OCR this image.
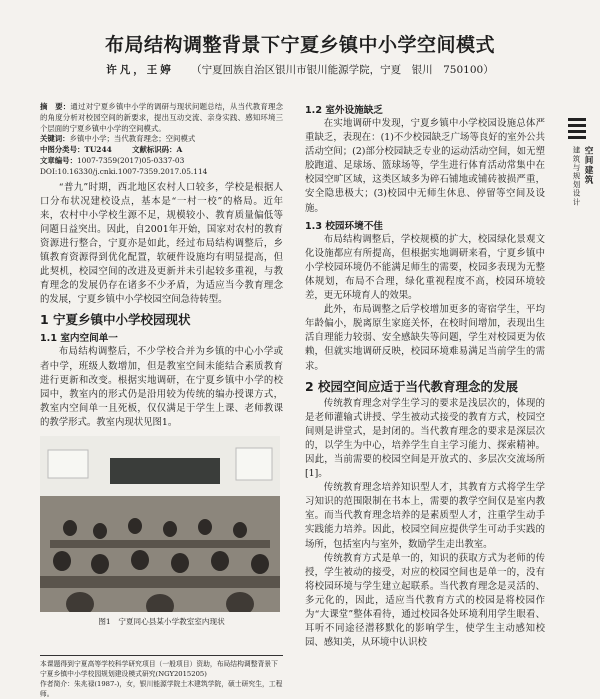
布局结构调整背景下宁夏乡镇中小学空间模式
许凡，王婷 （宁夏回族自治区银川市银川能源学院，宁夏　银川　750100）
摘　要：通过对宁夏乡镇中小学的调研与现状问题总结，从当代教育理念的角度分析对校园空间的新要求，提出互动交流、亲身实践、感知环境三个层面的宁夏乡镇中小学的空间模式。
关键词：乡镇中小学；当代教育理念；空间模式
中图分类号：TU244	文献标识码：A
文章编号：1007-7359(2017)05-0337-03
DOI:10.16330/j.cnki.1007-7359.2017.05.114

“普九”时期，西北地区农村人口较多，学校是根据人口分布状况建校设点，基本是“一村一校”的格局。近年来，农村中小学校生源不足，规模较小、教育质量偏低等问题日益突出。因此，自2001年开始，国家对农村的教育资源进行整合，宁夏亦是如此，经过布局结构调整后，乡镇教育资源得到优化配置，软硬件设施均有明显提高，但此契机，校园空间的改进及更新并未引起较多重视，与教育理念的发展仍存在诸多不少矛盾，为适应当今教育理念的发展，宁夏乡镇中小学校园空间急待转型。

1 宁夏乡镇中小学校园现状
1.1 室内空间单一

布局结构调整后，不少学校合并为乡镇的中心小学或者中学，班级人数增加，但是教室空间未能结合素质教育进行更新和改变。根据实地调研，在宁夏乡镇中小学的校园中，教室内的形式仍是沿用较为传统的编办授课方式，教室内空间单一且死板，仅仅满足于学生上课、老师教课的教学形式。教室内现状见图1。

图1　宁夏同心县某小学教室室内现状
1.2 室外设施缺乏

在实地调研中发现，宁夏乡镇中小学校园设施总体严重缺乏，表现在：(1)不少校园缺乏广场等良好的室外公共活动空间；(2)部分校园缺乏专业的运动活动空间，如无塑胶跑道、足球场、篮球场等，学生进行体育活动常集中在校园空旷区域，这类区域多为碎石铺地或铺砖被损严重，安全隐患极大；(3)校园中无师生休息、停留等空间及设施。

1.3 校园环境不佳

布局结构调整后，学校规模的扩大，校园绿化景观文化设施都应有所提高，但根据实地调研来看，宁夏乡镇中小学校园环境仍不能满足师生的需要，校园多表现为无整体规划，布局不合理，绿化重视程度不高，校园环境较差，更无环境育人的效果。

此外，布局调整之后学校增加更多的寄宿学生，平均年龄偏小，脱离原生家庭关怀，在校时间增加，表现出生活自理能力较弱、安全感缺失等问题，学生对校园更为依赖，但就实地调研反映，校园环境难易满足当前学生的需求。

2 校园空间应适于当代教育理念的发展

传统教育理念对学生学习的要求是浅层次的，体现的是老师灌输式讲授、学生被动式接受的教育方式，校园空间则是讲堂式，是封闭的。当代教育理念的要求是深层次的，以学生为中心，培养学生自主学习能力、探索精神。因此，当前需要的校园空间是开放式的、多层次交流场所[1]。

传统教育理念培养知识型人才，其教育方式将学生学习知识的范围限制在书本上，需要的教学空间仅是室内教室。而当代教育理念培养的是素质型人才，注重学生动手实践能力培养。因此，校园空间应提供学生可动手实践的场所，包括室内与室外，数励学生走出教室。

传统教育方式是单一的，知识的获取方式为老师的传授，学生被动的接受，对应的校园空间也是单一的，没有将校园环境与学生建立起联系。当代教育理念是灵活的、多元化的，因此，适应当代教育方式的校园是将校园作为“大课堂”整体看待，通过校园各处环境利用学生眼看、耳听不同途径潜移默化的影响学生，使学生主动感知校园、感知美，从环境中认识校

本课题得到宁夏高等学校科学研究项目（一般项目）资助，布局结构调整背景下宁夏乡镇中小学校园规划建设模式研究(NGY2015205)
作者简介：朱兆禄(1987-)，女，银川能源学院土木建筑学院，硕士研究生，工程师。
建筑与规划设计 空间建筑
